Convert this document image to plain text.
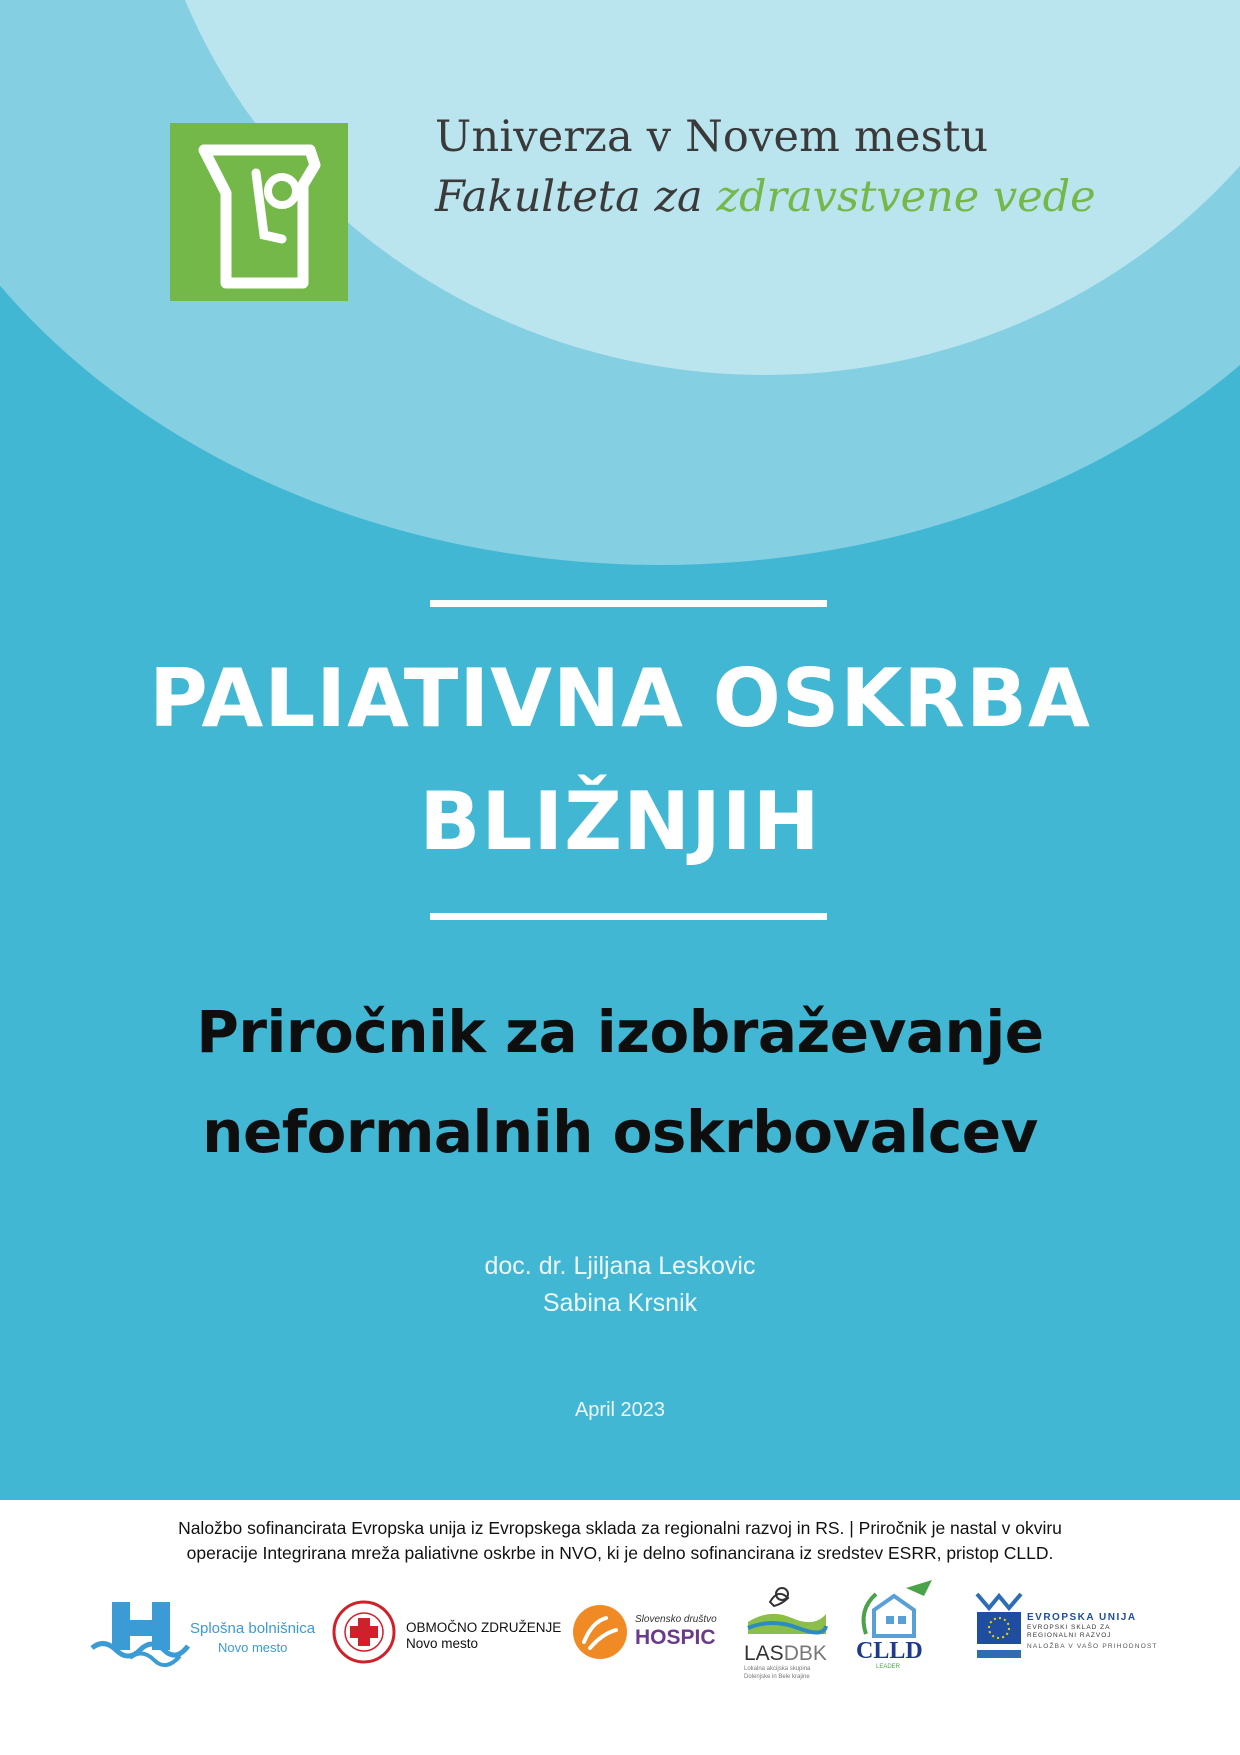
Univerza v Novem mestu
Fakulteta za zdravstvene vede
PALIATIVNA OSKRBA
BLIŽNJIH
Priročnik za izobraževanje
neformalnih oskrbovalcev
doc. dr. Ljiljana Leskovic
Sabina Krsnik
April 2023
Naložbo sofinancirata Evropska unija iz Evropskega sklada za regionalni razvoj in RS. | Priročnik je nastal v okviru
operacije Integrirana mreža paliativne oskrbe in NVO, ki je delno sofinancirana iz sredstev ESRR, pristop CLLD.
Splošna bolnišnica
Novo mesto
OBMOČNO ZDRUŽENJE
Novo mesto
Slovensko društvo
HOSPIC
LASDBK
Lokalna akcijska skupina
Dolenjske in Bele krajine
CLLD
LEADER
EVROPSKA UNIJA
EVROPSKI SKLAD ZA
REGIONALNI RAZVOJ
NALOŽBA V VAŠO PRIHODNOST
